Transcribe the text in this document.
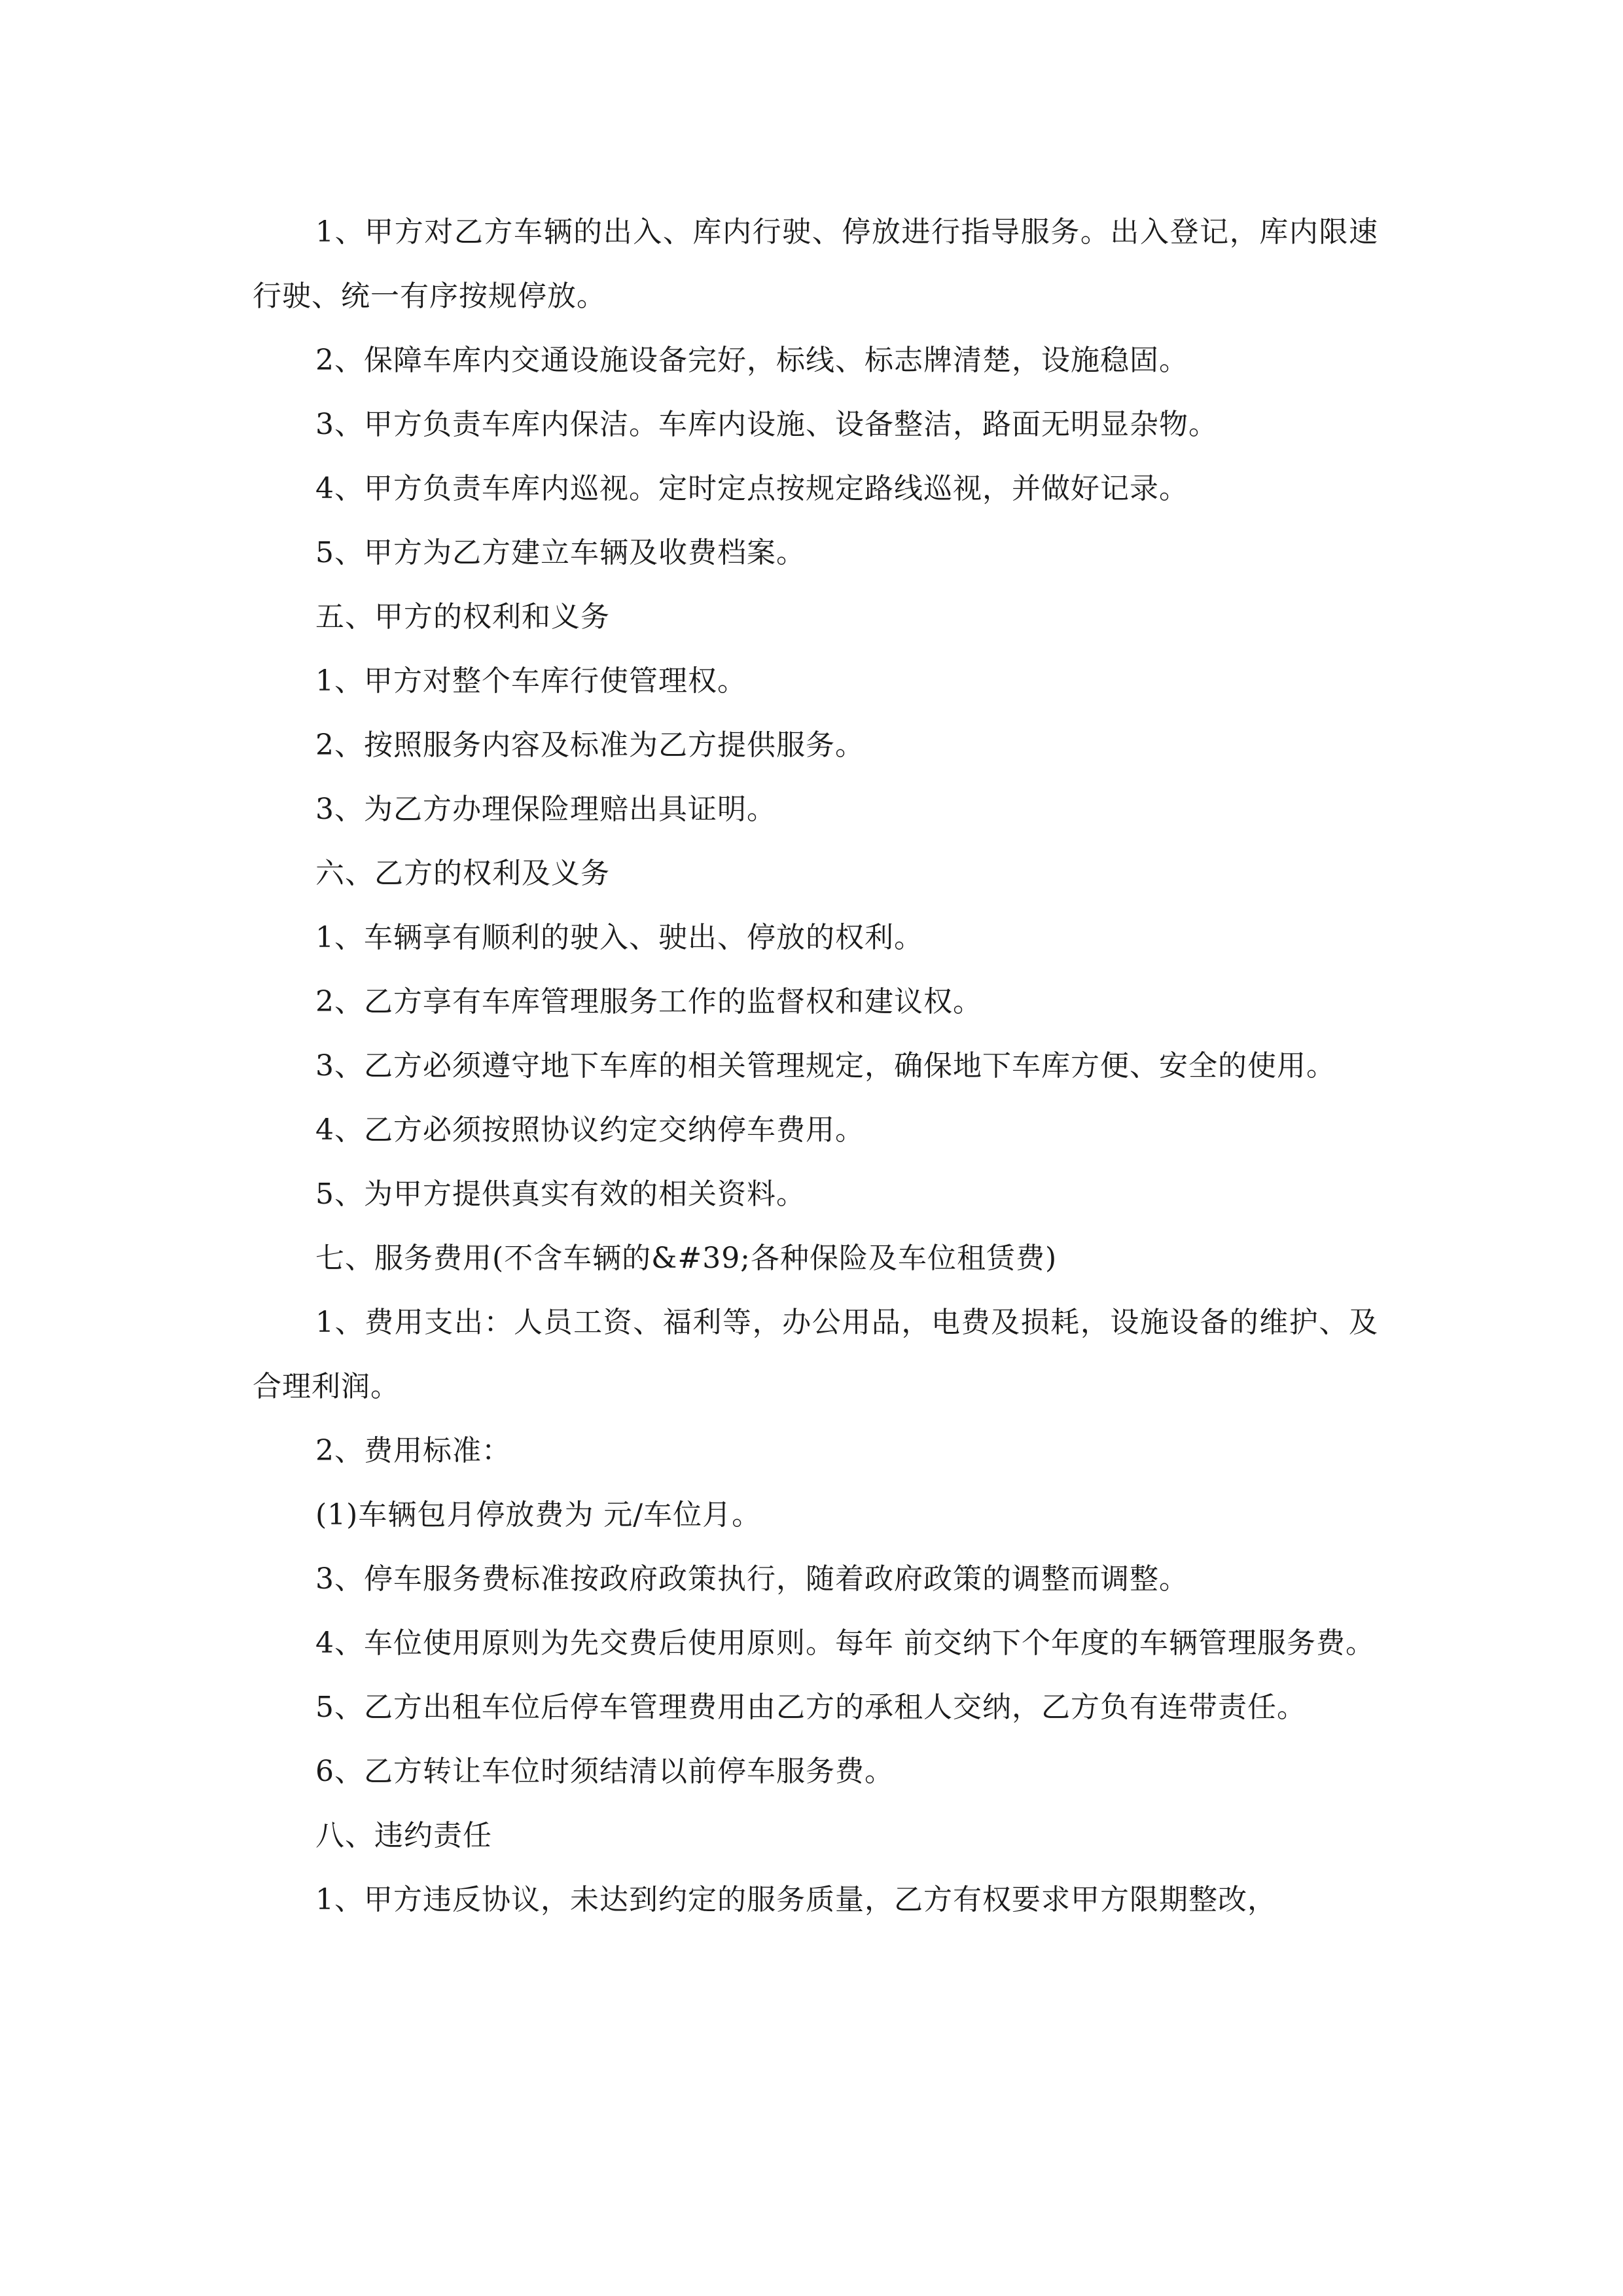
1、甲方对乙方车辆的出入、库内行驶、停放进行指导服务。出入登记，库内限速行驶、统一有序按规停放。

2、保障车库内交通设施设备完好，标线、标志牌清楚，设施稳固。

3、甲方负责车库内保洁。车库内设施、设备整洁，路面无明显杂物。

4、甲方负责车库内巡视。定时定点按规定路线巡视，并做好记录。

5、甲方为乙方建立车辆及收费档案。

五、甲方的权利和义务

1、甲方对整个车库行使管理权。

2、按照服务内容及标准为乙方提供服务。

3、为乙方办理保险理赔出具证明。

六、乙方的权利及义务

1、车辆享有顺利的驶入、驶出、停放的权利。

2、乙方享有车库管理服务工作的监督权和建议权。

3、乙方必须遵守地下车库的相关管理规定，确保地下车库方便、安全的使用。

4、乙方必须按照协议约定交纳停车费用。

5、为甲方提供真实有效的相关资料。

七、服务费用(不含车辆的&#39;各种保险及车位租赁费)

1、费用支出：人员工资、福利等，办公用品，电费及损耗，设施设备的维护、及合理利润。

2、费用标准：

(1)车辆包月停放费为 元/车位月。

3、停车服务费标准按政府政策执行，随着政府政策的调整而调整。

4、车位使用原则为先交费后使用原则。每年 前交纳下个年度的车辆管理服务费。

5、乙方出租车位后停车管理费用由乙方的承租人交纳，乙方负有连带责任。

6、乙方转让车位时须结清以前停车服务费。

八、违约责任

1、甲方违反协议，未达到约定的服务质量，乙方有权要求甲方限期整改，
